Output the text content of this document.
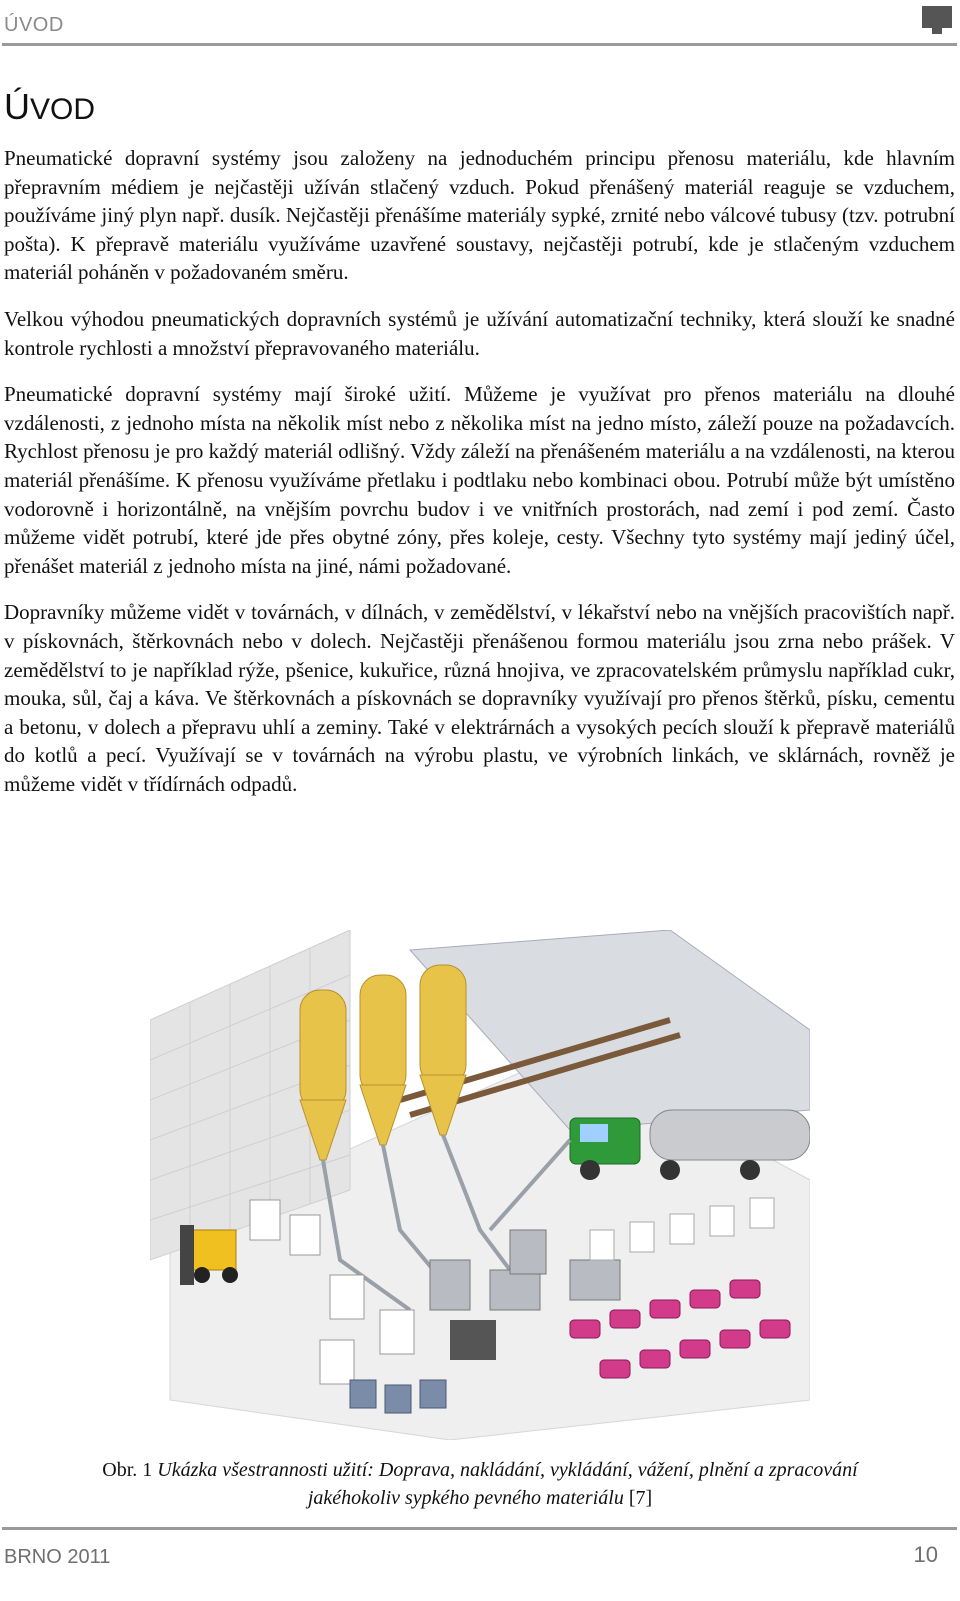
ÚVOD
ÚVOD

Pneumatické dopravní systémy jsou založeny na jednoduchém principu přenosu materiálu, kde hlavním přepravním médiem je nejčastěji užíván stlačený vzduch. Pokud přenášený materiál reaguje se vzduchem, používáme jiný plyn např. dusík. Nejčastěji přenášíme materiály sypké, zrnité nebo válcové tubusy (tzv. potrubní pošta). K přepravě materiálu využíváme uzavřené soustavy, nejčastěji potrubí, kde je stlačeným vzduchem materiál poháněn v požadovaném směru.

Velkou výhodou pneumatických dopravních systémů je užívání automatizační techniky, která slouží ke snadné kontrole rychlosti a množství přepravovaného materiálu.

Pneumatické dopravní systémy mají široké užití. Můžeme je využívat pro přenos materiálu na dlouhé vzdálenosti, z jednoho místa na několik míst nebo z několika míst na jedno místo, záleží pouze na požadavcích. Rychlost přenosu je pro každý materiál odlišný. Vždy záleží na přenášeném materiálu a na vzdálenosti, na kterou materiál přenášíme. K přenosu využíváme přetlaku i podtlaku nebo kombinaci obou. Potrubí může být umístěno vodorovně i horizontálně, na vnějším povrchu budov i ve vnitřních prostorách, nad zemí i pod zemí. Často můžeme vidět potrubí, které jde přes obytné zóny, přes koleje, cesty. Všechny tyto systémy mají jediný účel, přenášet materiál z jednoho místa na jiné, námi požadované.

Dopravníky můžeme vidět v továrnách, v dílnách, v zemědělství, v lékařství nebo na vnějších pracovištích např. v pískovnách, štěrkovnách nebo v dolech. Nejčastěji přenášenou formou materiálu jsou zrna nebo prášek. V zemědělství to je například rýže, pšenice, kukuřice, různá hnojiva, ve zpracovatelském průmyslu například cukr, mouka, sůl, čaj a káva. Ve štěrkovnách a pískovnách se dopravníky využívají pro přenos štěrků, písku, cementu a betonu, v dolech a přepravu uhlí a zeminy. Také v elektrárnách a vysokých pecích slouží k přepravě materiálů do kotlů a pecí. Využívají se v továrnách na výrobu plastu, ve výrobních linkách, ve sklárnách, rovněž je můžeme vidět v třídírnách odpadů.

Obr. 1 Ukázka všestrannosti užití: Doprava, nakládání, vykládání, vážení, plnění a zpracování jakéhokoliv sypkého pevného materiálu [7]
BRNO 2011	10
